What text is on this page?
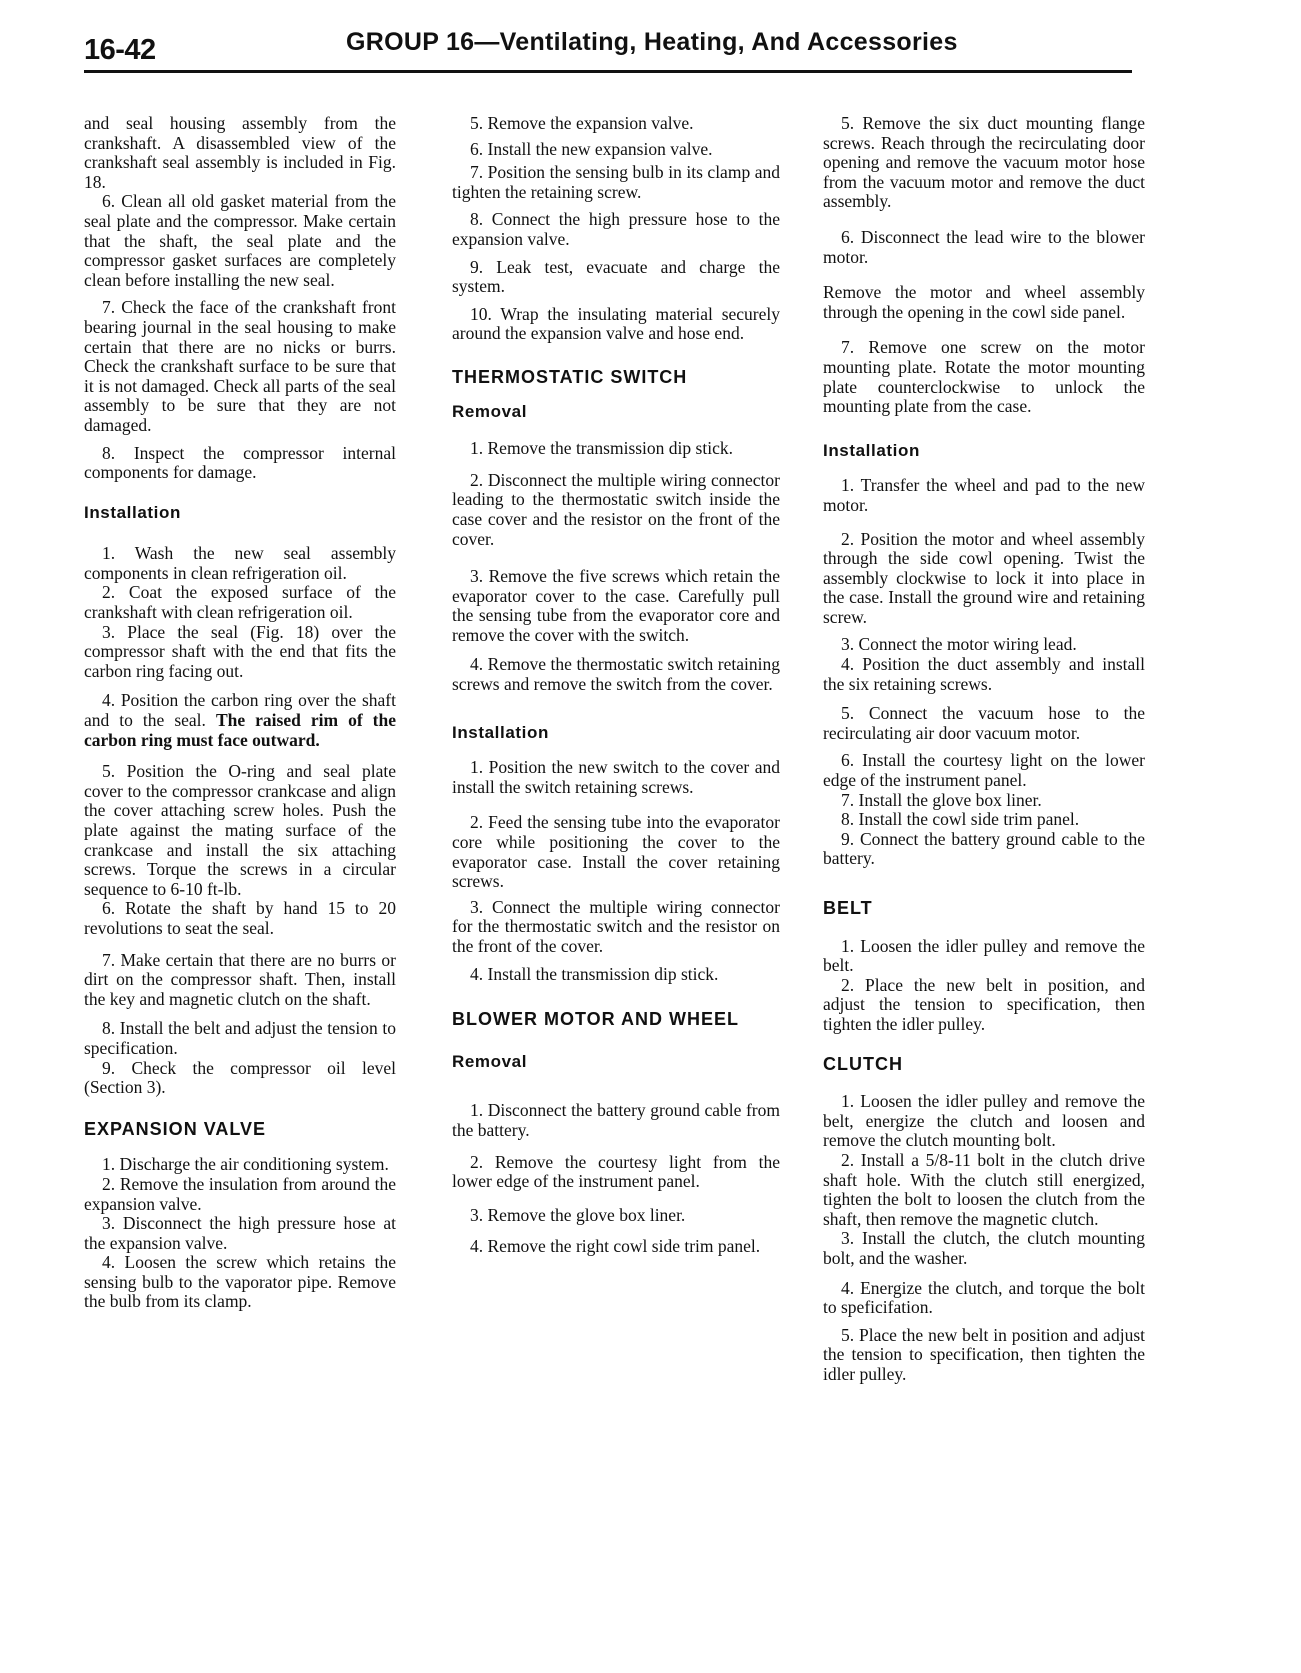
16-42	GROUP 16—Ventilating, Heating, And Accessories

and seal housing assembly from the crankshaft. A disassembled view of the crankshaft seal assembly is included in Fig. 18.

6. Clean all old gasket material from the seal plate and the compressor. Make certain that the shaft, the seal plate and the compressor gasket surfaces are completely clean before installing the new seal.

7. Check the face of the crankshaft front bearing journal in the seal housing to make certain that there are no nicks or burrs. Check the crankshaft surface to be sure that it is not damaged. Check all parts of the seal assembly to be sure that they are not damaged.

8. Inspect the compressor internal components for damage.

Installation

1. Wash the new seal assembly components in clean refrigeration oil.

2. Coat the exposed surface of the crankshaft with clean refrigeration oil.

3. Place the seal (Fig. 18) over the compressor shaft with the end that fits the carbon ring facing out.

4. Position the carbon ring over the shaft and to the seal. The raised rim of the carbon ring must face outward.

5. Position the O-ring and seal plate cover to the compressor crankcase and align the cover attaching screw holes. Push the plate against the mating surface of the crankcase and install the six attaching screws. Torque the screws in a circular sequence to 6-10 ft-lb.

6. Rotate the shaft by hand 15 to 20 revolutions to seat the seal.

7. Make certain that there are no burrs or dirt on the compressor shaft. Then, install the key and magnetic clutch on the shaft.

8. Install the belt and adjust the tension to specification.

9. Check the compressor oil level (Section 3).

EXPANSION VALVE

1. Discharge the air conditioning system.

2. Remove the insulation from around the expansion valve.

3. Disconnect the high pressure hose at the expansion valve.

4. Loosen the screw which retains the sensing bulb to the vaporator pipe. Remove the bulb from its clamp.

5. Remove the expansion valve.

6. Install the new expansion valve.

7. Position the sensing bulb in its clamp and tighten the retaining screw.

8. Connect the high pressure hose to the expansion valve.

9. Leak test, evacuate and charge the system.

10. Wrap the insulating material securely around the expansion valve and hose end.

THERMOSTATIC SWITCH
Removal

1. Remove the transmission dip stick.

2. Disconnect the multiple wiring connector leading to the thermostatic switch inside the case cover and the resistor on the front of the cover.

3. Remove the five screws which retain the evaporator cover to the case. Carefully pull the sensing tube from the evaporator core and remove the cover with the switch.

4. Remove the thermostatic switch retaining screws and remove the switch from the cover.

Installation

1. Position the new switch to the cover and install the switch retaining screws.

2. Feed the sensing tube into the evaporator core while positioning the cover to the evaporator case. Install the cover retaining screws.

3. Connect the multiple wiring connector for the thermostatic switch and the resistor on the front of the cover.

4. Install the transmission dip stick.

BLOWER MOTOR AND WHEEL
Removal

1. Disconnect the battery ground cable from the battery.

2. Remove the courtesy light from the lower edge of the instrument panel.

3. Remove the glove box liner.

4. Remove the right cowl side trim panel.

5. Remove the six duct mounting flange screws. Reach through the recirculating door opening and remove the vacuum motor hose from the vacuum motor and remove the duct assembly.

6. Disconnect the lead wire to the blower motor.

Remove the motor and wheel assembly through the opening in the cowl side panel.

7. Remove one screw on the motor mounting plate. Rotate the motor mounting plate counterclockwise to unlock the mounting plate from the case.

Installation

1. Transfer the wheel and pad to the new motor.

2. Position the motor and wheel assembly through the side cowl opening. Twist the assembly clockwise to lock it into place in the case. Install the ground wire and retaining screw.

3. Connect the motor wiring lead.

4. Position the duct assembly and install the six retaining screws.

5. Connect the vacuum hose to the recirculating air door vacuum motor.

6. Install the courtesy light on the lower edge of the instrument panel.

7. Install the glove box liner.

8. Install the cowl side trim panel.

9. Connect the battery ground cable to the battery.

BELT

1. Loosen the idler pulley and remove the belt.

2. Place the new belt in position, and adjust the tension to specification, then tighten the idler pulley.

CLUTCH

1. Loosen the idler pulley and remove the belt, energize the clutch and loosen and remove the clutch mounting bolt.

2. Install a 5/8-11 bolt in the clutch drive shaft hole. With the clutch still energized, tighten the bolt to loosen the clutch from the shaft, then remove the magnetic clutch.

3. Install the clutch, the clutch mounting bolt, and the washer.

4. Energize the clutch, and torque the bolt to speficifation.

5. Place the new belt in position and adjust the tension to specification, then tighten the idler pulley.
